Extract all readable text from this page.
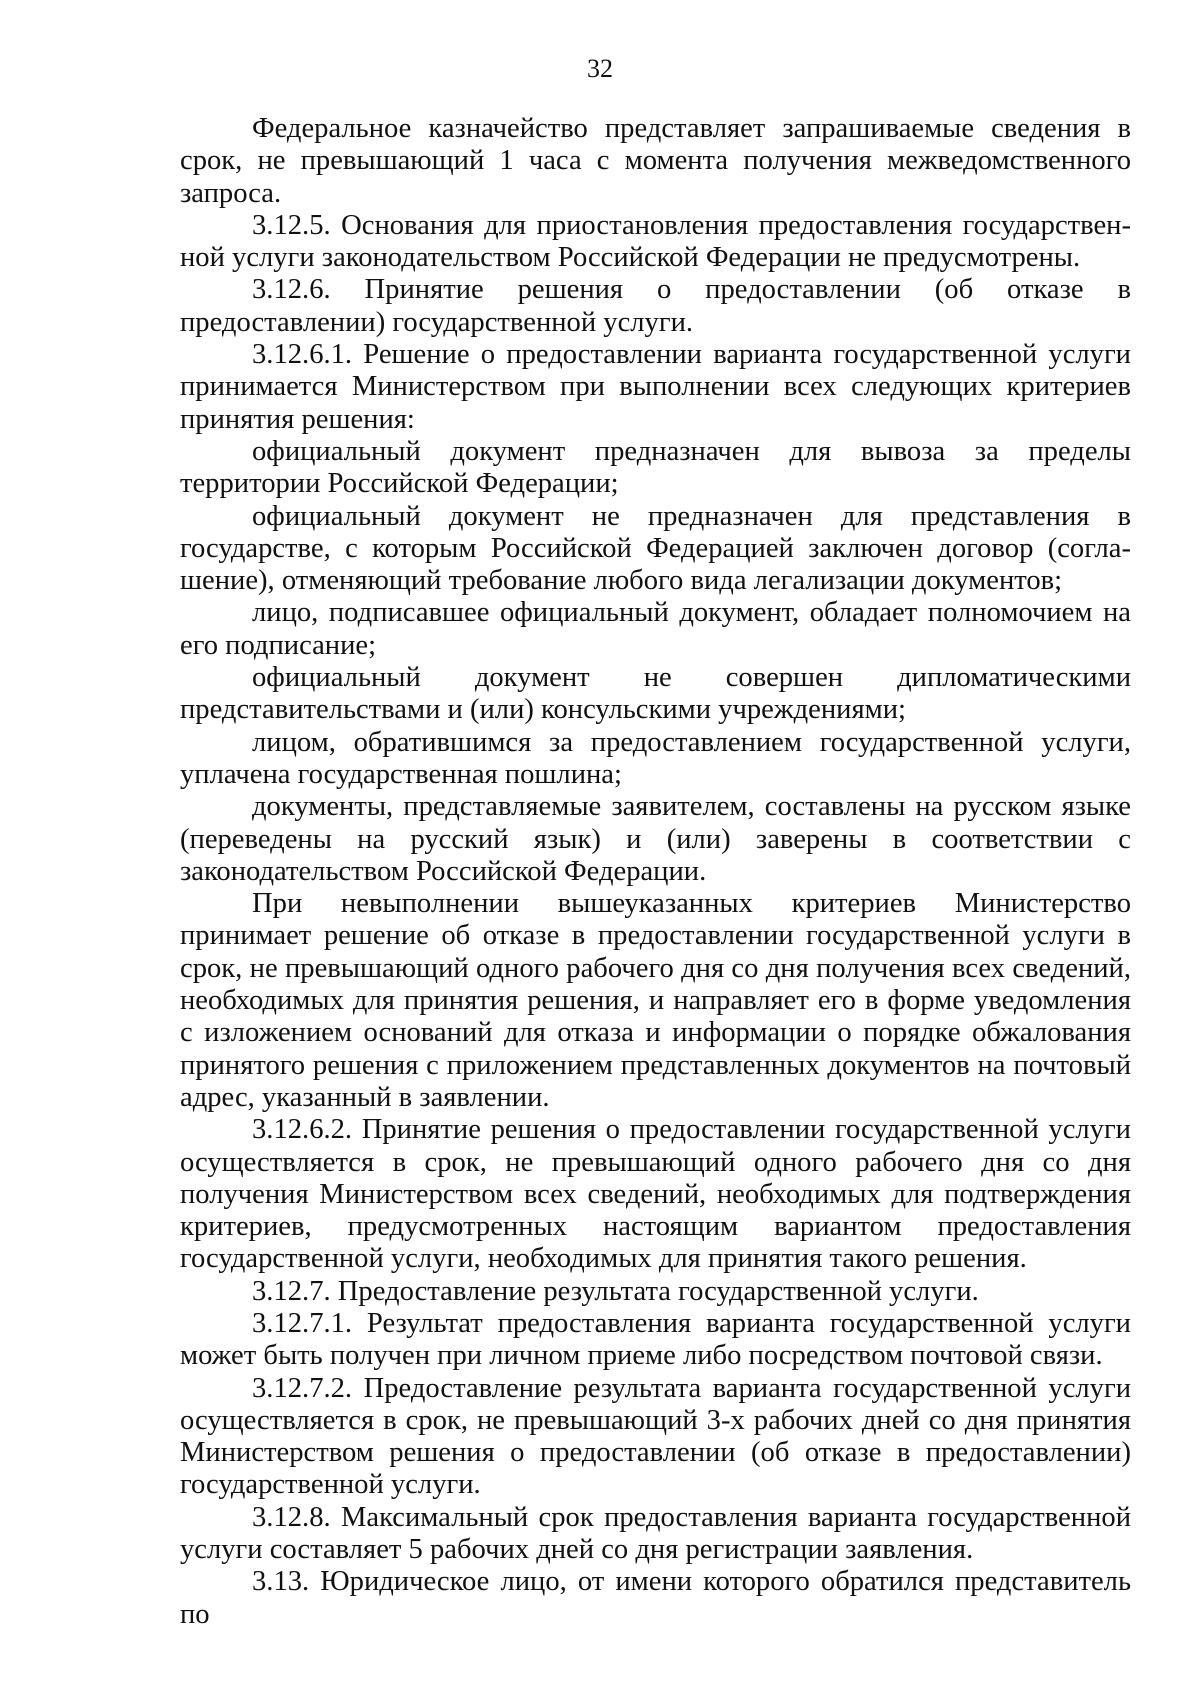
32

Федеральное казначейство представляет запрашиваемые сведения в срок, не превышающий 1 часа с момента получения межведомственного запроса.

3.12.5. Основания для приостановления предоставления государственной услуги законодательством Российской Федерации не предусмотрены.

3.12.6. Принятие решения о предоставлении (об отказе в предоставлении) государственной услуги.

3.12.6.1. Решение о предоставлении варианта государственной услуги принимается Министерством при выполнении всех следующих критериев принятия решения:

официальный документ предназначен для вывоза за пределы территории Российской Федерации;

официальный документ не предназначен для представления в государстве, с которым Российской Федерацией заключен договор (соглашение), отменяющий требование любого вида легализации документов;

лицо, подписавшее официальный документ, обладает полномочием на его подписание;

официальный документ не совершен дипломатическими представительствами и (или) консульскими учреждениями;

лицом, обратившимся за предоставлением государственной услуги, уплачена государственная пошлина;

документы, представляемые заявителем, составлены на русском языке (переведены на русский язык) и (или) заверены в соответствии с законодательством Российской Федерации.

При невыполнении вышеуказанных критериев Министерство принимает решение об отказе в предоставлении государственной услуги в срок, не превышающий одного рабочего дня со дня получения всех сведений, необходимых для принятия решения, и направляет его в форме уведомления с изложением оснований для отказа и информации о порядке обжалования принятого решения с приложением представленных документов на почтовый адрес, указанный в заявлении.

3.12.6.2. Принятие решения о предоставлении государственной услуги осуществляется в срок, не превышающий одного рабочего дня со дня получения Министерством всех сведений, необходимых для подтверждения критериев, предусмотренных настоящим вариантом предоставления государственной услуги, необходимых для принятия такого решения.

3.12.7. Предоставление результата государственной услуги.

3.12.7.1. Результат предоставления варианта государственной услуги может быть получен при личном приеме либо посредством почтовой связи.

3.12.7.2. Предоставление результата варианта государственной услуги осуществляется в срок, не превышающий 3-х рабочих дней со дня принятия Министерством решения о предоставлении (об отказе в предоставлении) государственной услуги.

3.12.8. Максимальный срок предоставления варианта государственной услуги составляет 5 рабочих дней со дня регистрации заявления.

3.13. Юридическое лицо, от имени которого обратился представитель по
